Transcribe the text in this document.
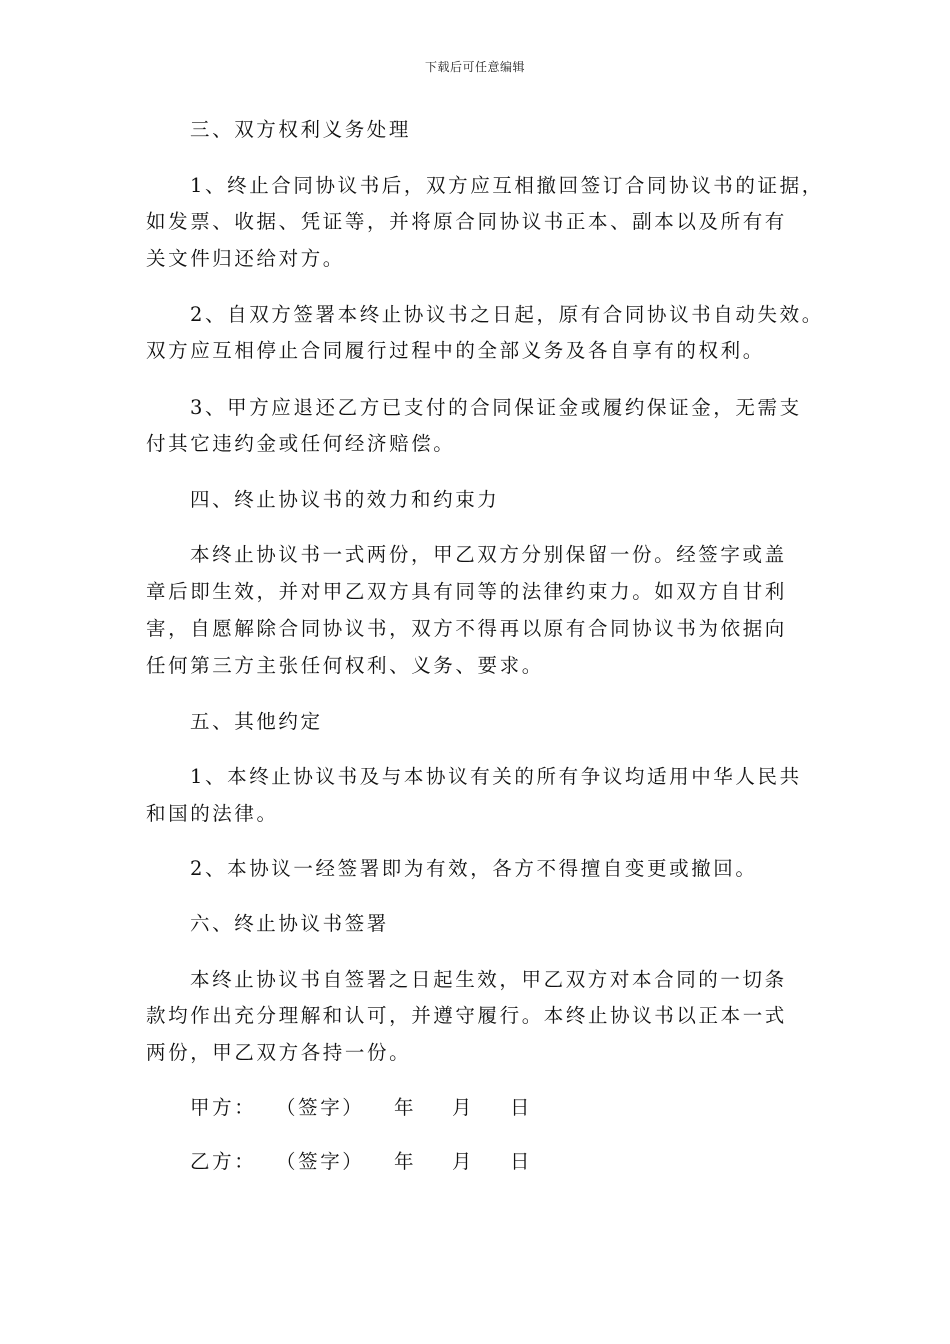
下载后可任意编辑
三、双方权利义务处理
1、终止合同协议书后，双方应互相撤回签订合同协议书的证据，
如发票、收据、凭证等，并将原合同协议书正本、副本以及所有有
关文件归还给对方。
2、自双方签署本终止协议书之日起，原有合同协议书自动失效。
双方应互相停止合同履行过程中的全部义务及各自享有的权利。
3、甲方应退还乙方已支付的合同保证金或履约保证金，无需支
付其它违约金或任何经济赔偿。
四、终止协议书的效力和约束力
本终止协议书一式两份，甲乙双方分别保留一份。经签字或盖
章后即生效，并对甲乙双方具有同等的法律约束力。如双方自甘利
害，自愿解除合同协议书，双方不得再以原有合同协议书为依据向
任何第三方主张任何权利、义务、要求。
五、其他约定
1、本终止协议书及与本协议有关的所有争议均适用中华人民共
和国的法律。
2、本协议一经签署即为有效，各方不得擅自变更或撤回。
六、终止协议书签署
本终止协议书自签署之日起生效，甲乙双方对本合同的一切条
款均作出充分理解和认可，并遵守履行。本终止协议书以正本一式
两份，甲乙双方各持一份。
甲方： （签字） 年 月 日
乙方： （签字） 年 月 日
